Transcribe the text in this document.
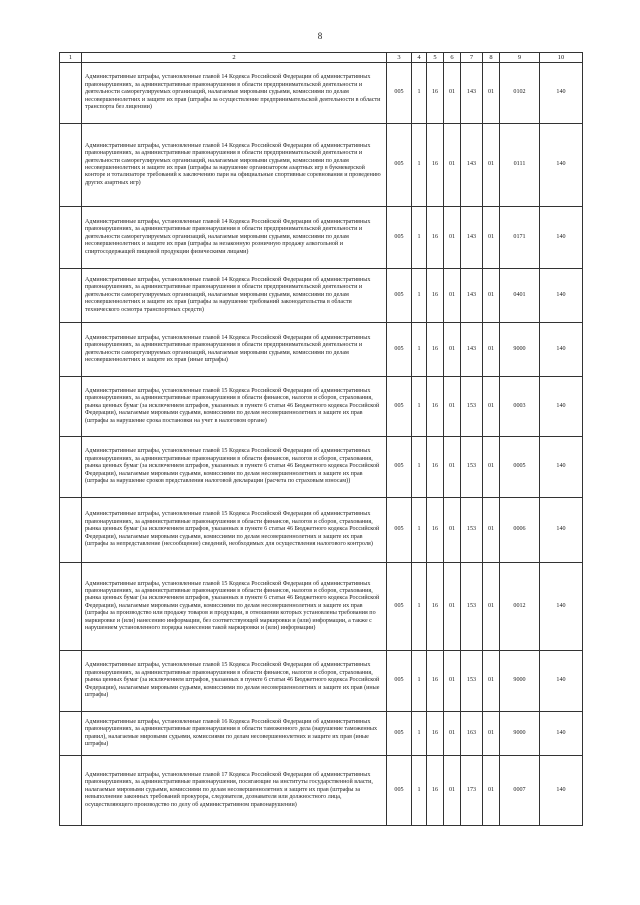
8
1	2	3	4	5	6	7	8	9	10
	Административные штрафы, установленные главой 14 Кодекса Российской Федерации об административных правонарушениях, за административные правонарушения в области предпринимательской деятельности и деятельности саморегулируемых организаций, налагаемые мировыми судьями, комиссиями по делам несовершеннолетних и защите их прав (штрафы за осуществление предпринимательской деятельности в области транспорта без лицензии)	005	1	16	01	143	01	0102	140
	Административные штрафы, установленные главой 14 Кодекса Российской Федерации об административных правонарушениях, за административные правонарушения в области предпринимательской деятельности и деятельности саморегулируемых организаций, налагаемые мировыми судьями, комиссиями по делам несовершеннолетних и защите их прав (штрафы за нарушение организатором азартных игр в букмекерской конторе и тотализаторе требований к заключению пари на официальные спортивные соревнования и проведению других азартных игр)	005	1	16	01	143	01	0111	140
	Административные штрафы, установленные главой 14 Кодекса Российской Федерации об административных правонарушениях, за административные правонарушения в области предпринимательской деятельности и деятельности саморегулируемых организаций, налагаемые мировыми судьями, комиссиями по делам несовершеннолетних и защите их прав (штрафы за незаконную розничную продажу алкогольной и спиртосодержащей пищевой продукции физическими лицами)	005	1	16	01	143	01	0171	140
	Административные штрафы, установленные главой 14 Кодекса Российской Федерации об административных правонарушениях, за административные правонарушения в области предпринимательской деятельности и деятельности саморегулируемых организаций, налагаемые мировыми судьями, комиссиями по делам несовершеннолетних и защите их прав (штрафы за нарушение требований законодательства в области технического осмотра транспортных средств)	005	1	16	01	143	01	0401	140
	Административные штрафы, установленные главой 14 Кодекса Российской Федерации об административных правонарушениях, за административные правонарушения в области предпринимательской деятельности и деятельности саморегулируемых организаций, налагаемые мировыми судьями, комиссиями по делам несовершеннолетних и защите их прав (иные штрафы)	005	1	16	01	143	01	9000	140
	Административные штрафы, установленные главой 15 Кодекса Российской Федерации об административных правонарушениях, за административные правонарушения в области финансов, налогов и сборов, страхования, рынка ценных бумаг (за исключением штрафов, указанных в пункте 6 статьи 46 Бюджетного кодекса Российской Федерации), налагаемые мировыми судьями, комиссиями по делам несовершеннолетних и защите их прав (штрафы за нарушение срока постановки на учет в налоговом органе)	005	1	16	01	153	01	0003	140
	Административные штрафы, установленные главой 15 Кодекса Российской Федерации об административных правонарушениях, за административные правонарушения в области финансов, налогов и сборов, страхования, рынка ценных бумаг (за исключением штрафов, указанных в пункте 6 статьи 46 Бюджетного кодекса Российской Федерации), налагаемые мировыми судьями, комиссиями по делам несовершеннолетних и защите их прав (штрафы за нарушение сроков представления налоговой декларации (расчета по страховым взносам))	005	1	16	01	153	01	0005	140
	Административные штрафы, установленные главой 15 Кодекса Российской Федерации об административных правонарушениях, за административные правонарушения в области финансов, налогов и сборов, страхования, рынка ценных бумаг (за исключением штрафов, указанных в пункте 6 статьи 46 Бюджетного кодекса Российской Федерации), налагаемые мировыми судьями, комиссиями по делам несовершеннолетних и защите их прав (штрафы за непредставление (несообщение) сведений, необходимых для осуществления налогового контроля)	005	1	16	01	153	01	0006	140
	Административные штрафы, установленные главой 15 Кодекса Российской Федерации об административных правонарушениях, за административные правонарушения в области финансов, налогов и сборов, страхования, рынка ценных бумаг (за исключением штрафов, указанных в пункте 6 статьи 46 Бюджетного кодекса Российской Федерации), налагаемые мировыми судьями, комиссиями по делам несовершеннолетних и защите их прав (штрафы за производство или продажу товаров и продукции, в отношении которых установлены требования по маркировке и (или) нанесению информации, без соответствующей маркировки и (или) информации, а также с нарушением установленного порядка нанесения такой маркировки и (или) информации)	005	1	16	01	153	01	0012	140
	Административные штрафы, установленные главой 15 Кодекса Российской Федерации об административных правонарушениях, за административные правонарушения в области финансов, налогов и сборов, страхования, рынка ценных бумаг (за исключением штрафов, указанных в пункте 6 статьи 46 Бюджетного кодекса Российской Федерации), налагаемые мировыми судьями, комиссиями по делам несовершеннолетних и защите их прав (иные штрафы)	005	1	16	01	153	01	9000	140
	Административные штрафы, установленные главой 16 Кодекса Российской Федерации об административных правонарушениях, за административные правонарушения в области таможенного дела (нарушение таможенных правил), налагаемые мировыми судьями, комиссиями по делам несовершеннолетних и защите их прав (иные штрафы)	005	1	16	01	163	01	9000	140
	Административные штрафы, установленные главой 17 Кодекса Российской Федерации об административных правонарушениях, за административные правонарушения, посягающие на институты государственной власти, налагаемые мировыми судьями, комиссиями по делам несовершеннолетних и защите их прав (штрафы за невыполнение законных требований прокурора, следователя, дознавателя или должностного лица, осуществляющего производство по делу об административном правонарушении)	005	1	16	01	173	01	0007	140
